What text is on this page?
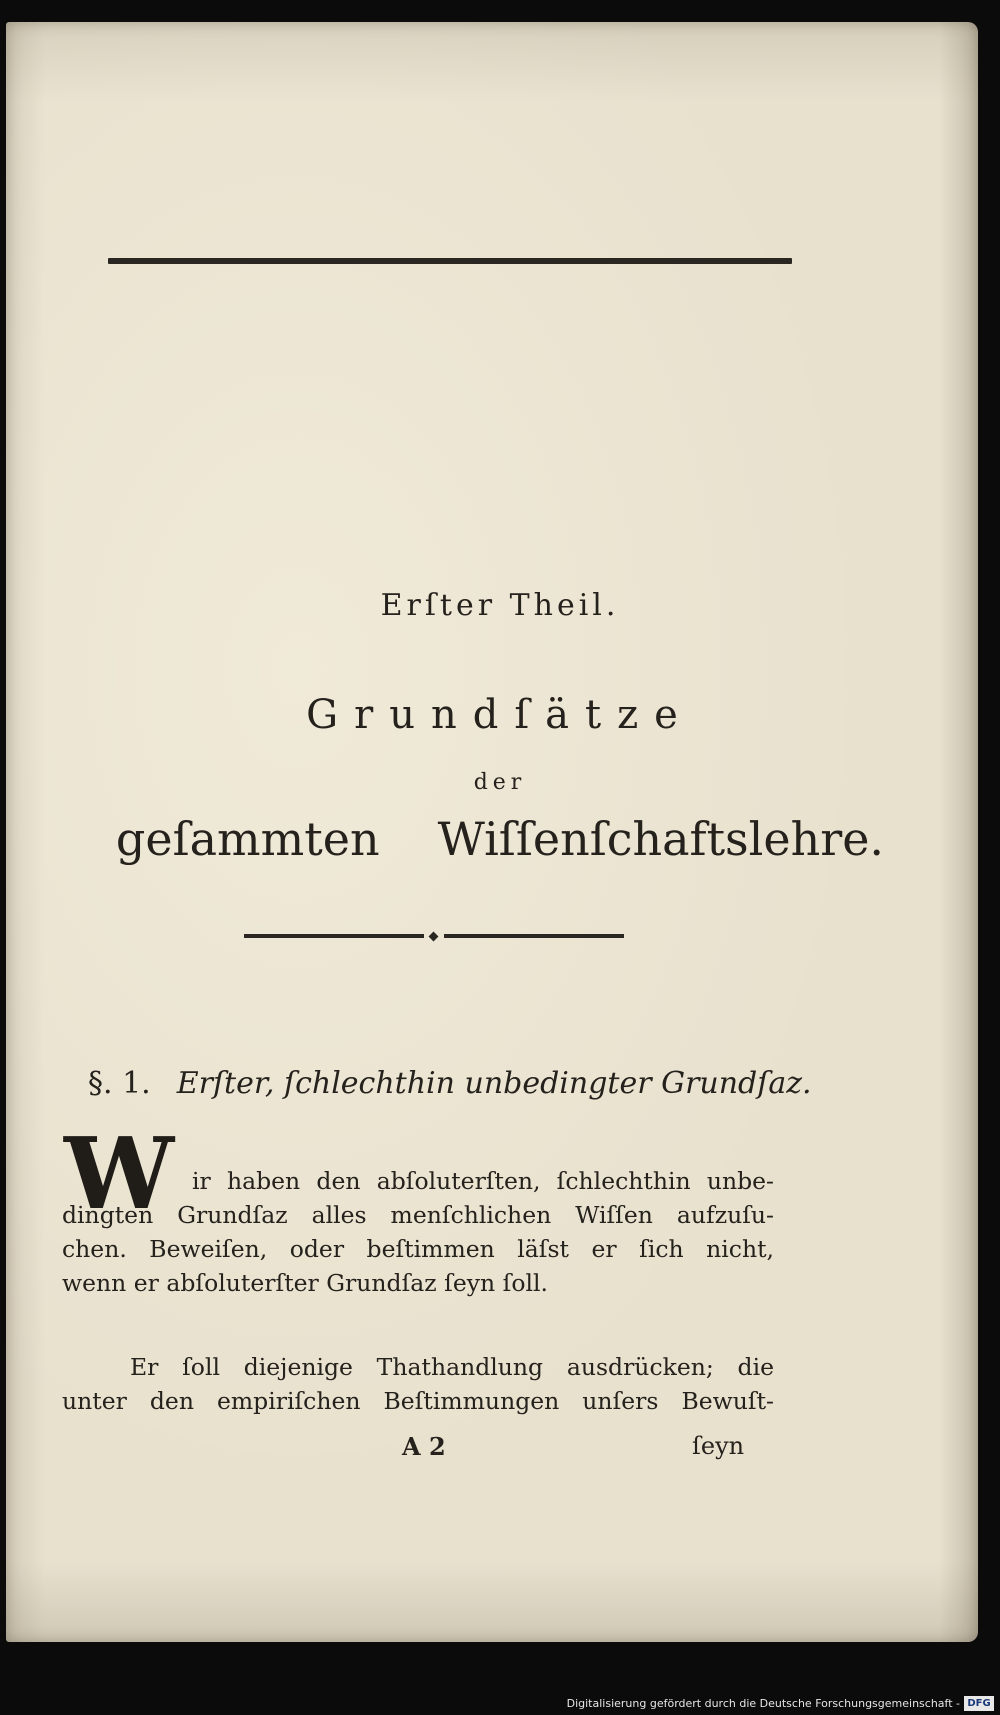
Erſter Theil.
Grundſätze
der
geſammten Wiſſenſchaftslehre.
§. 1. Erſter, ſchlechthin unbedingter Grundſaz.
W ir haben den abſoluterſten, ſchlechthin unbe-
dingten Grundſaz alles menſchlichen Wiſſen aufzuſu-
chen. Beweiſen, oder beſtimmen läſst er ſich nicht,
wenn er abſoluterſter Grundſaz ſeyn ſoll.
Er ſoll diejenige Thathandlung ausdrücken; die
unter den empiriſchen Beſtimmungen unſers Bewuſt-
A 2	ſeyn
Digitalisierung gefördert durch die Deutsche Forschungsgemeinschaft - DFG
